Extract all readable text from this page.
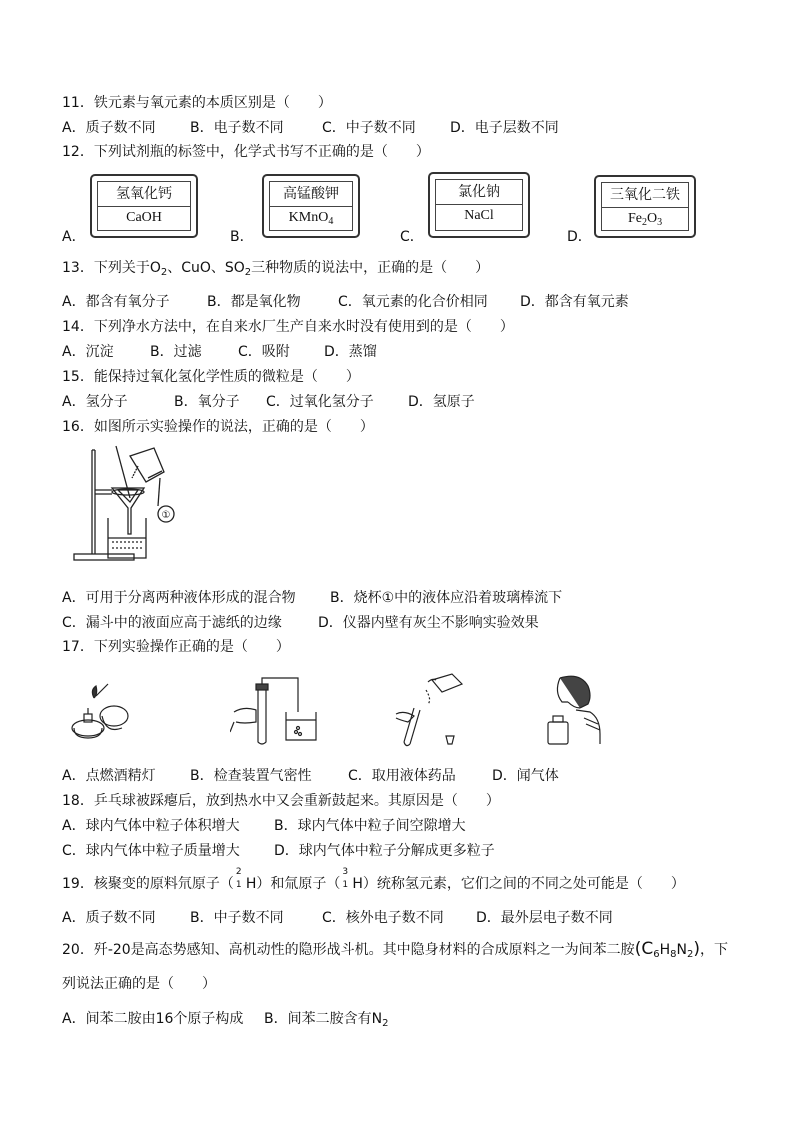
11．铁元素与氧元素的本质区别是（　　）
A．质子数不同 B．电子数不同	C．中子数不同 D．电子层数不同
12．下列试剂瓶的标签中，化学式书写不正确的是（　　）
A．
氢氧化钙
CaOH
B．
高锰酸钾
KMnO$_4$
C．
氯化钠
NaCl
D．
三氧化二铁
$Fe_2O_3$
13．下列关于$O_2$、CuO、$SO_2$三种物质的说法中，正确的是（　　）
A．都含有氧分子	B．都是氧化物	C．氧元素的化合价相同 D．都含有氧元素
14．下列净水方法中，在自来水厂生产自来水时没有使用到的是（　　）
A．沉淀	B．过滤	C．吸附 D．蒸馏
15．能保持过氧化氢化学性质的微粒是（　　）
A．氢分子	B．氧分子 C．过氧化氢分子 D．氢原子
16．如图所示实验操作的说法，正确的是（　　）
①
A．可用于分离两种液体形成的混合物 B．烧杯①中的液体应沿着玻璃棒流下
C．漏斗中的液面应高于滤纸的边缘	D．仪器内壁有灰尘不影响实验效果
17．下列实验操作正确的是（　　）
A．点燃酒精灯 B．检查装置气密性	C．取用液体药品	D．闻气体
18．乒乓球被踩瘪后，放到热水中又会重新鼓起来。其原因是（　　）
A．球内气体中粒子体积增大 B．球内气体中粒子间空隙增大
C．球内气体中粒子质量增大 D．球内气体中粒子分解成更多粒子
19．核聚变的原料氘原子（
2
1 H）和氚原子（
3
1 H）统称氢元素，它们之间的不同之处可能是（　　）
A．质子数不同 B．中子数不同	C．核外电子数不同 D．最外层电子数不同
20．歼-20是高态势感知、高机动性的隐形战斗机。其中隐身材料的合成原料之一为间苯二胺$(C_6H_8N_2)$，下
列说法正确的是（　　）
A．间苯二胺由16个原子构成 B．间苯二胺含有$N_2$
